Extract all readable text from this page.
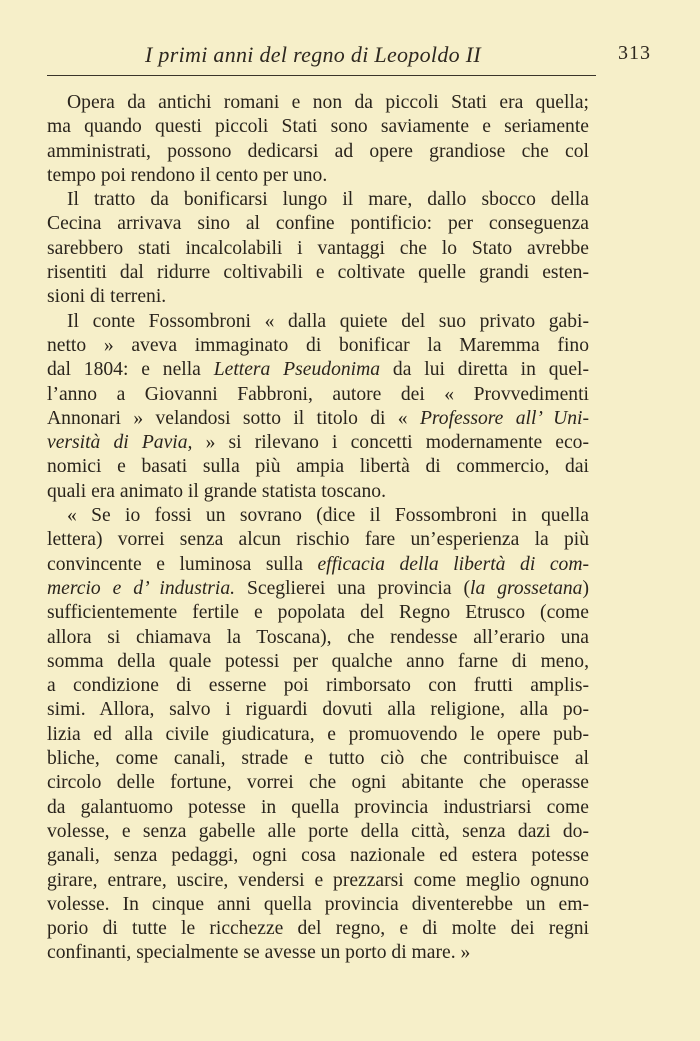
I primi anni del regno di Leopoldo II	313

Opera da antichi romani e non da piccoli Stati era quella;
ma quando questi piccoli Stati sono saviamente e seriamente
amministrati, possono dedicarsi ad opere grandiose che col
tempo poi rendono il cento per uno.

Il tratto da bonificarsi lungo il mare, dallo sbocco della
Cecina arrivava sino al confine pontificio: per conseguenza
sarebbero stati incalcolabili i vantaggi che lo Stato avrebbe
risentiti dal ridurre coltivabili e coltivate quelle grandi esten-
sioni di terreni.

Il conte Fossombroni « dalla quiete del suo privato gabi-
netto » aveva immaginato di bonificar la Maremma fino
dal 1804: e nella Lettera Pseudonima da lui diretta in quel-
l’anno a Giovanni Fabbroni, autore dei « Provvedimenti
Annonari » velandosi sotto il titolo di « Professore all’ Uni-
versità di Pavia, » si rilevano i concetti modernamente eco-
nomici e basati sulla più ampia libertà di commercio, dai
quali era animato il grande statista toscano.

« Se io fossi un sovrano (dice il Fossombroni in quella
lettera) vorrei senza alcun rischio fare un’esperienza la più
convincente e luminosa sulla efficacia della libertà di com-
mercio e d’ industria. Sceglierei una provincia (la grossetana)
sufficientemente fertile e popolata del Regno Etrusco (come
allora si chiamava la Toscana), che rendesse all’erario una
somma della quale potessi per qualche anno farne di meno,
a condizione di esserne poi rimborsato con frutti amplis-
simi. Allora, salvo i riguardi dovuti alla religione, alla po-
lizia ed alla civile giudicatura, e promuovendo le opere pub-
bliche, come canali, strade e tutto ciò che contribuisce al
circolo delle fortune, vorrei che ogni abitante che operasse
da galantuomo potesse in quella provincia industriarsi come
volesse, e senza gabelle alle porte della città, senza dazi do-
ganali, senza pedaggi, ogni cosa nazionale ed estera potesse
girare, entrare, uscire, vendersi e prezzarsi come meglio ognuno
volesse. In cinque anni quella provincia diventerebbe un em-
porio di tutte le ricchezze del regno, e di molte dei regni
confinanti, specialmente se avesse un porto di mare. »
